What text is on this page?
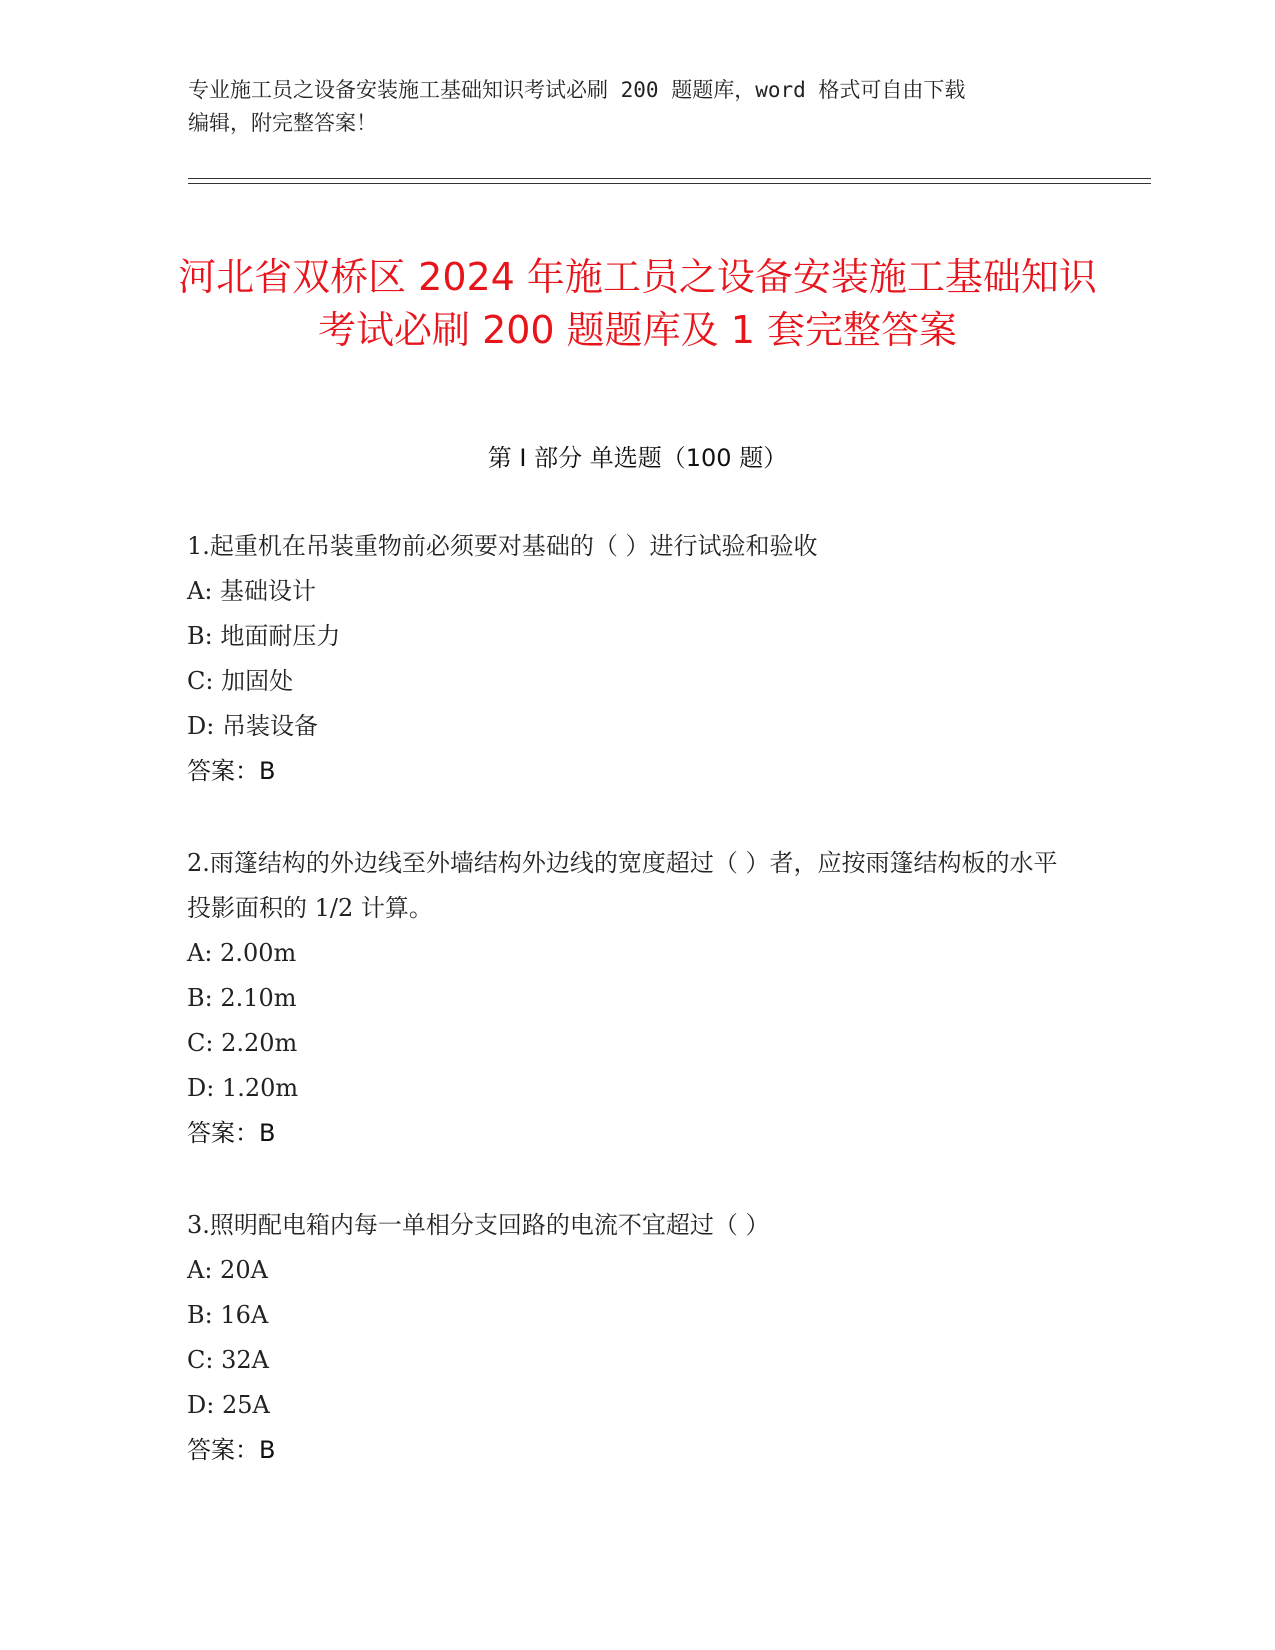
专业施工员之设备安装施工基础知识考试必刷 200 题题库，word 格式可自由下载
编辑，附完整答案！
河北省双桥区 2024 年施工员之设备安装施工基础知识考试必刷 200 题题库及 1 套完整答案
第 I 部分 单选题（100 题）

1.起重机在吊装重物前必须要对基础的（ ）进行试验和验收

A: 基础设计

B: 地面耐压力

C: 加固处

D: 吊装设备

答案：B

2.雨篷结构的外边线至外墙结构外边线的宽度超过（ ）者，应按雨篷结构板的水平投影面积的 1/2 计算。

A: 2.00m

B: 2.10m

C: 2.20m

D: 1.20m

答案：B

3.照明配电箱内每一单相分支回路的电流不宜超过（ ）

A: 20A

B: 16A

C: 32A

D: 25A

答案：B
